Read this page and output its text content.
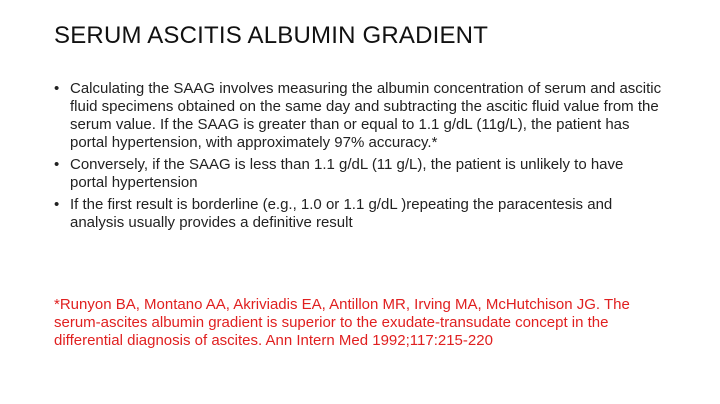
SERUM ASCITIS ALBUMIN GRADIENT
• Calculating the SAAG involves measuring the albumin concentration of serum and ascitic fluid specimens obtained on the same day and subtracting the ascitic fluid value from the serum value. If the SAAG is greater than or equal to 1.1 g/dL (11g/L), the patient has portal hypertension, with approximately 97% accuracy.*
• Conversely, if the SAAG is less than 1.1 g/dL (11 g/L), the patient is unlikely to have portal hypertension
• If the first result is borderline (e.g., 1.0 or 1.1 g/dL )repeating the paracentesis and analysis usually provides a definitive result
*Runyon BA, Montano AA, Akriviadis EA, Antillon MR, Irving MA, McHutchison JG. The serum-ascites albumin gradient is superior to the exudate-transudate concept in the differential diagnosis of ascites. Ann Intern Med 1992;117:215-220
